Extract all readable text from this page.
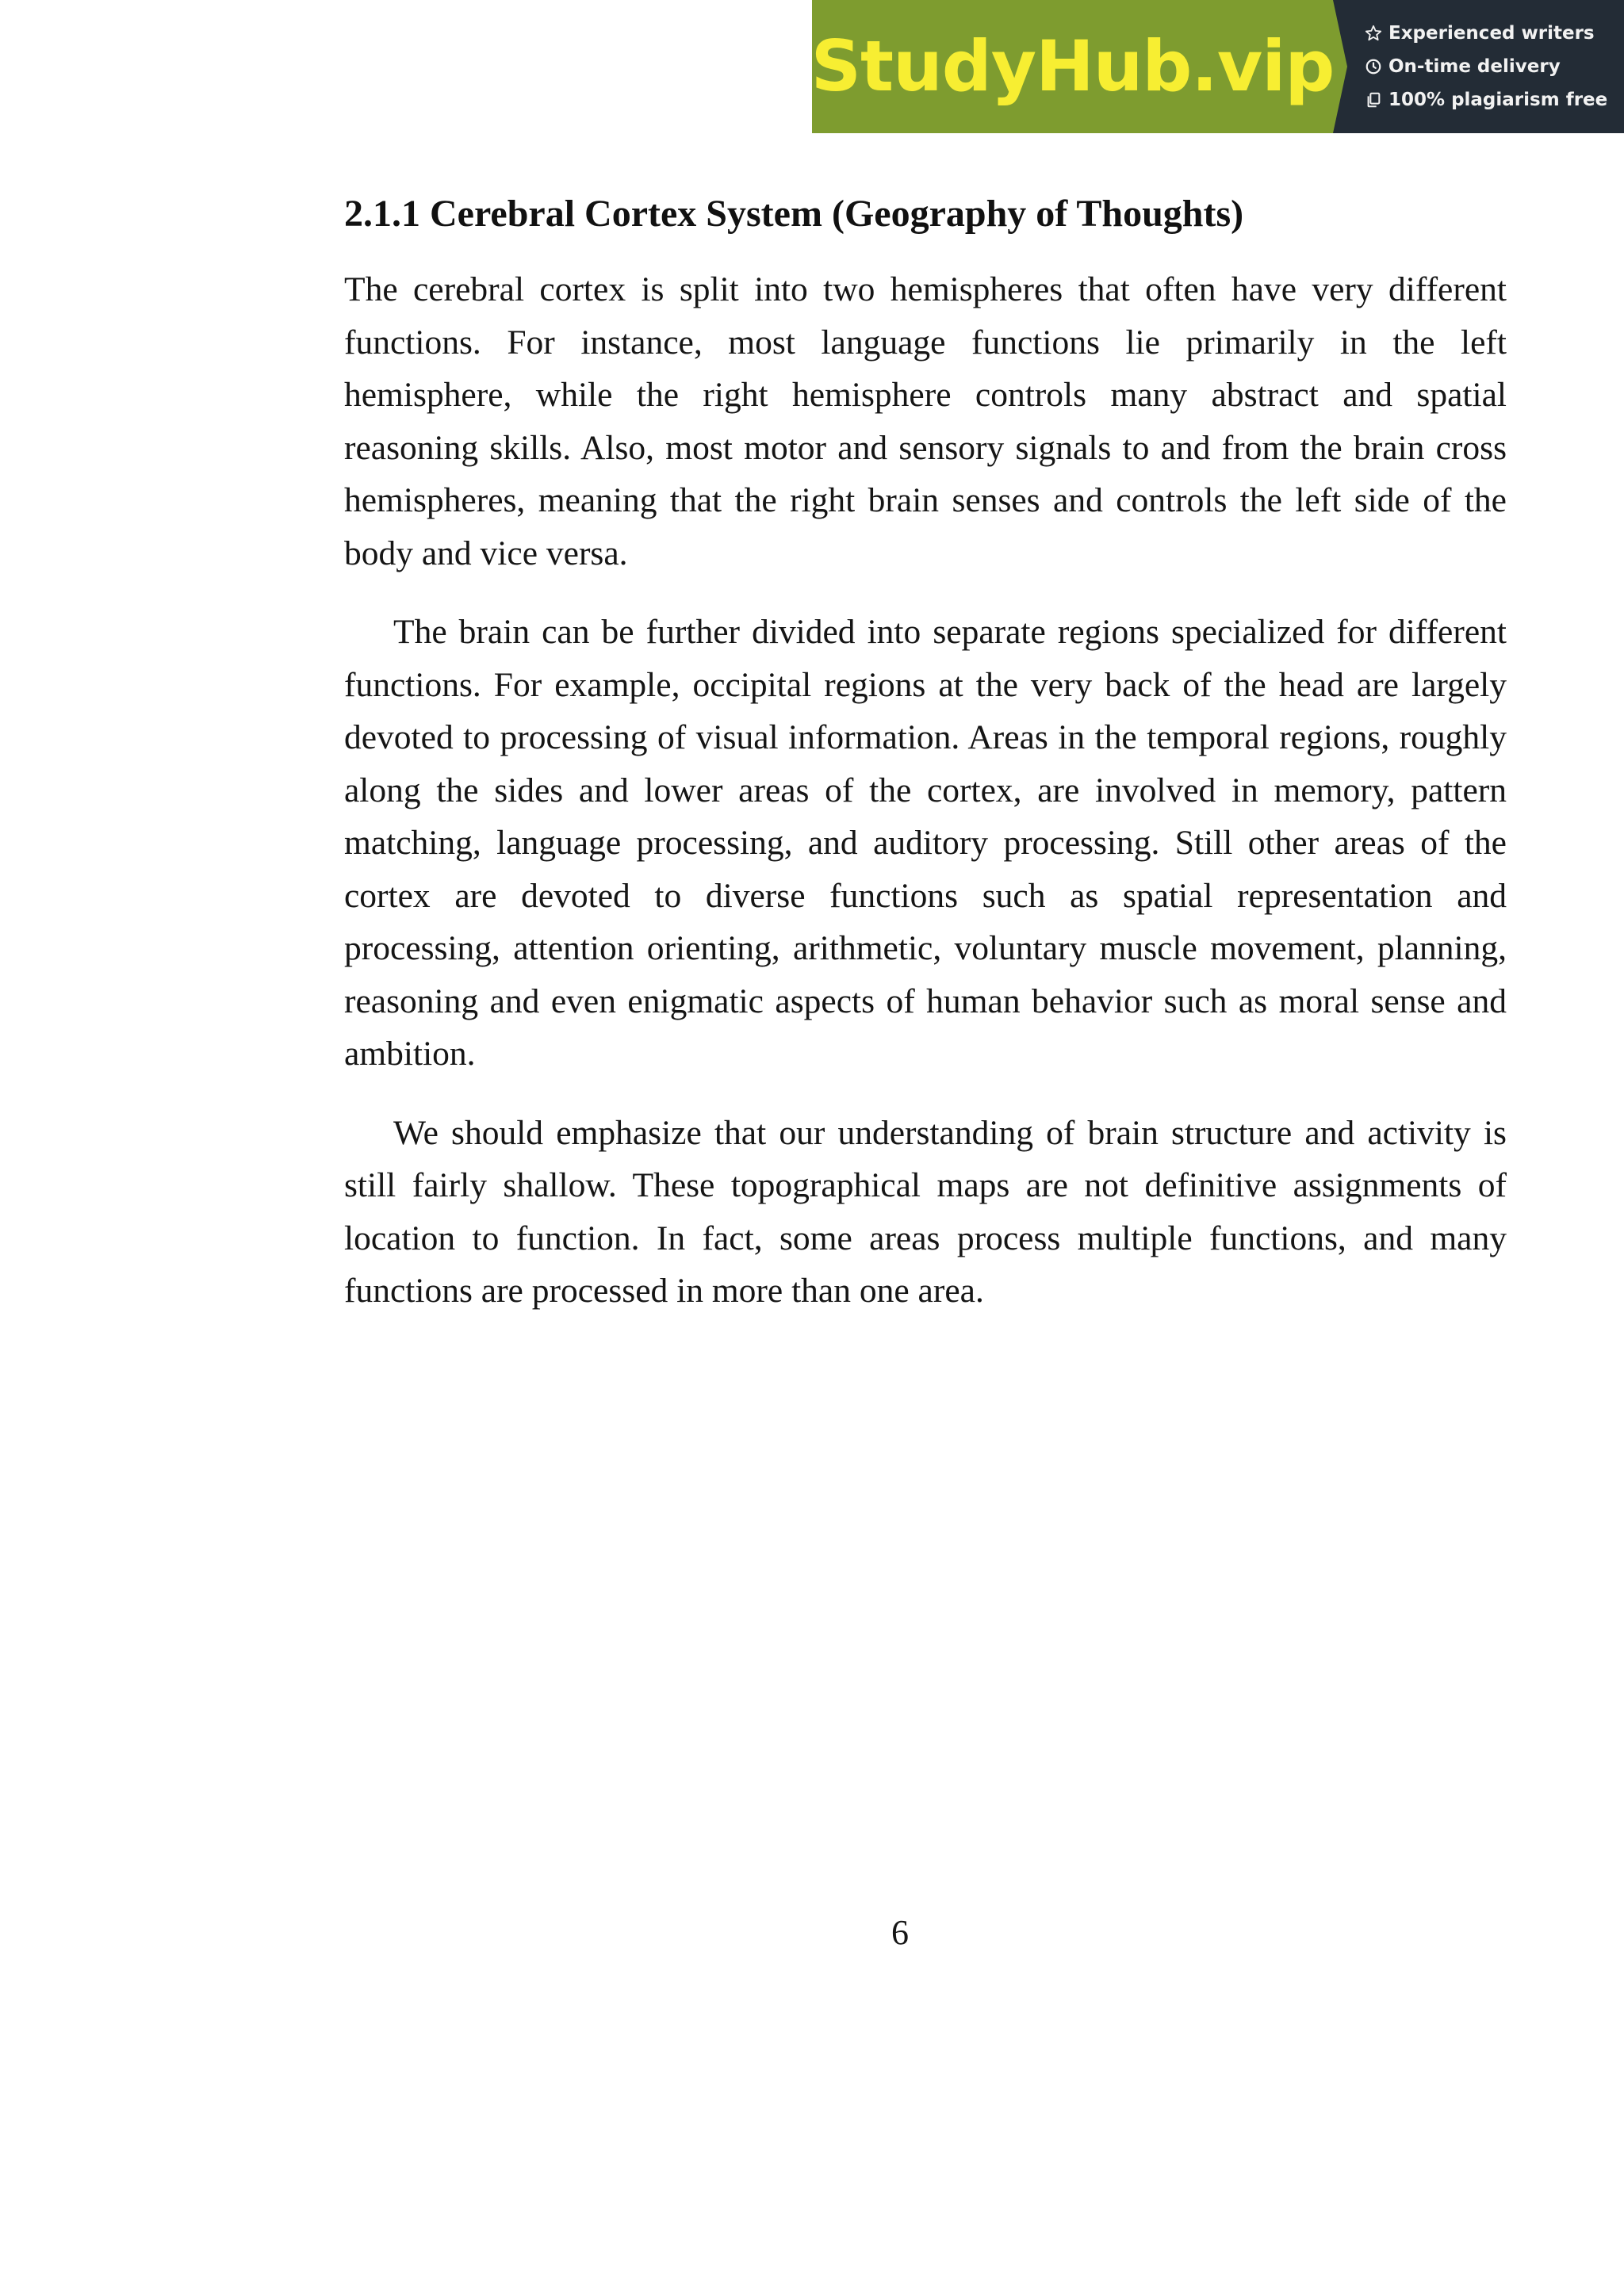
StudyHub.vip	Experienced writers
On-time delivery
100% plagiarism free
2.1.1 Cerebral Cortex System (Geography of Thoughts)

The cerebral cortex is split into two hemispheres that often have very different functions. For instance, most language functions lie primarily in the left hemisphere, while the right hemisphere controls many abstract and spatial reasoning skills. Also, most motor and sensory signals to and from the brain cross hemispheres, meaning that the right brain senses and controls the left side of the body and vice versa.

The brain can be further divided into separate regions specialized for different functions. For example, occipital regions at the very back of the head are largely devoted to processing of visual information. Areas in the temporal regions, roughly along the sides and lower areas of the cortex, are involved in memory, pattern matching, language processing, and auditory processing. Still other areas of the cortex are devoted to diverse functions such as spatial representation and processing, attention orienting, arithmetic, voluntary muscle movement, planning, reasoning and even enigmatic aspects of human behavior such as moral sense and ambition.

We should emphasize that our understanding of brain structure and activity is still fairly shallow. These topographical maps are not definitive assignments of location to function. In fact, some areas process multiple functions, and many functions are processed in more than one area.

6
